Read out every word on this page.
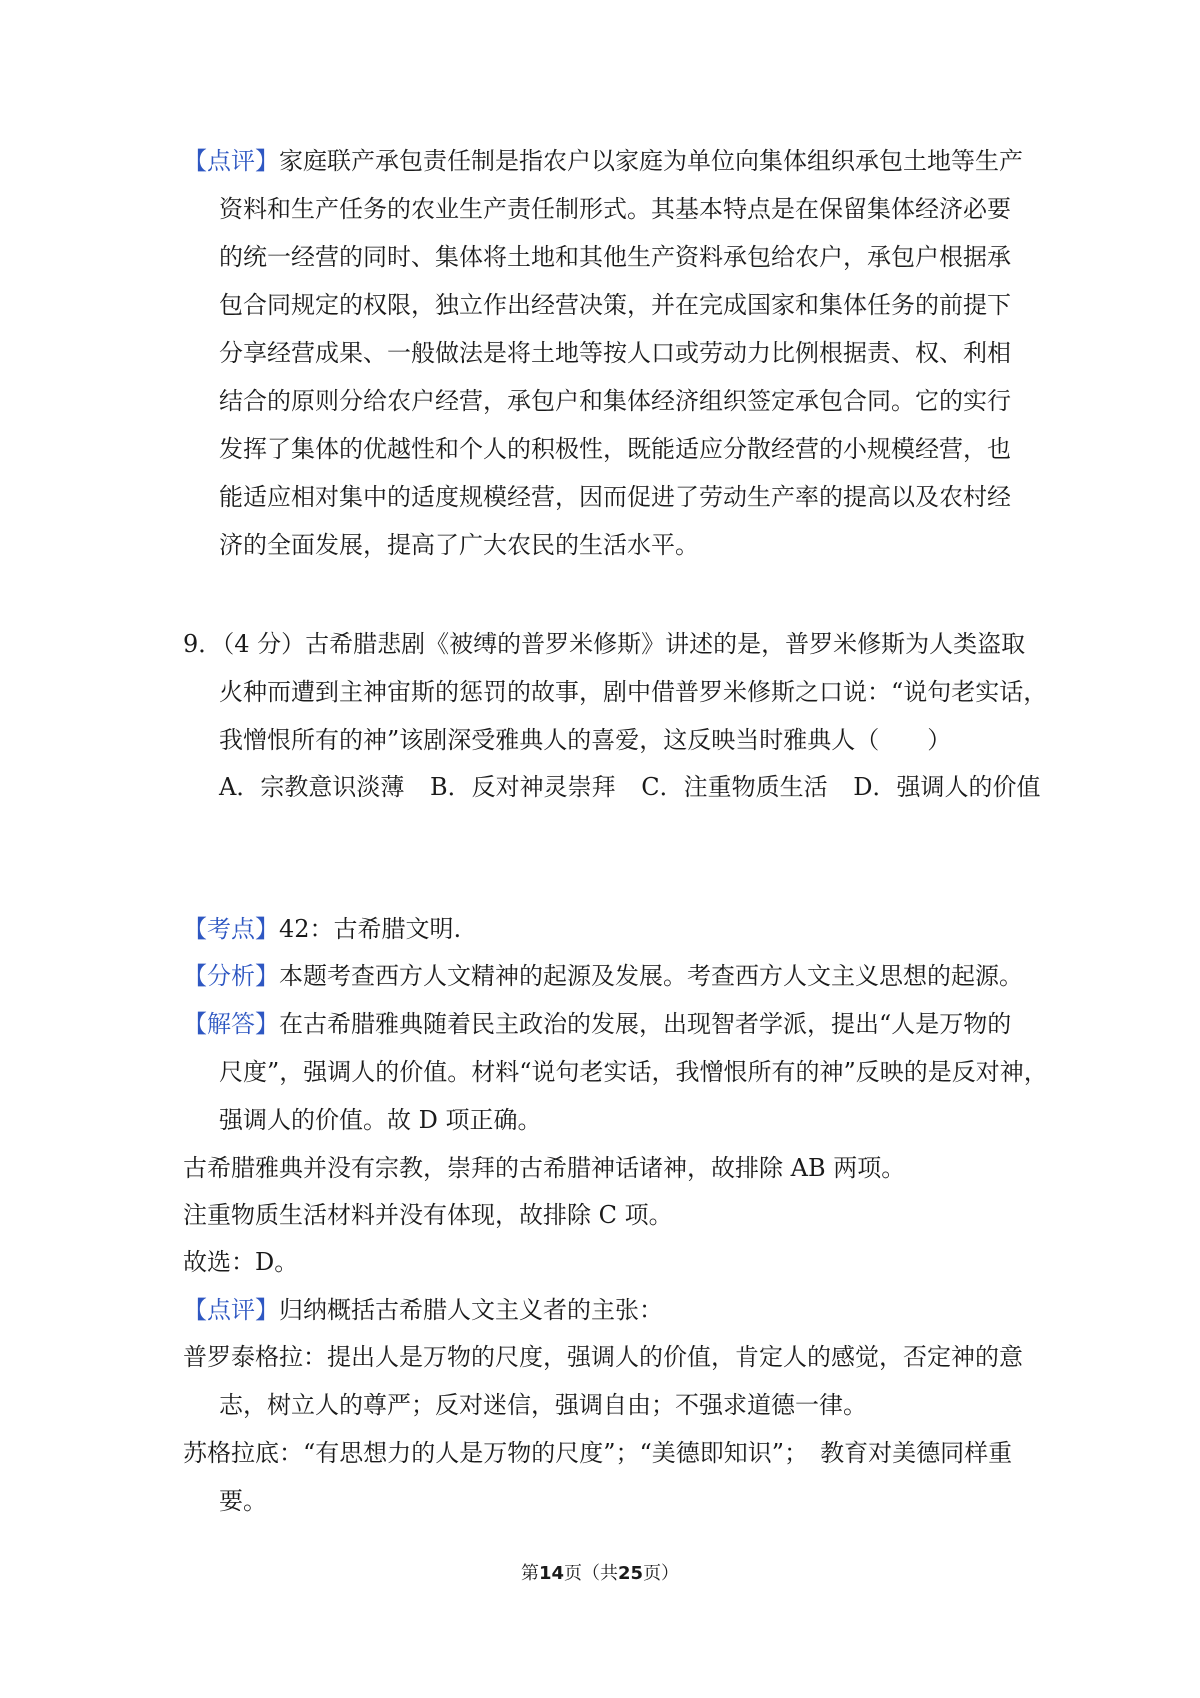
【点评】家庭联产承包责任制是指农户以家庭为单位向集体组织承包土地等生产
资料和生产任务的农业生产责任制形式。其基本特点是在保留集体经济必要
的统一经营的同时、集体将土地和其他生产资料承包给农户，承包户根据承
包合同规定的权限，独立作出经营决策，并在完成国家和集体任务的前提下
分享经营成果、一般做法是将土地等按人口或劳动力比例根据责、权、利相
结合的原则分给农户经营，承包户和集体经济组织签定承包合同。它的实行
发挥了集体的优越性和个人的积极性，既能适应分散经营的小规模经营，也
能适应相对集中的适度规模经营，因而促进了劳动生产率的提高以及农村经
济的全面发展，提高了广大农民的生活水平。
9．（4 分）古希腊悲剧《被缚的普罗米修斯》讲述的是，普罗米修斯为人类盗取
火种而遭到主神宙斯的惩罚的故事，剧中借普罗米修斯之口说：“说句老实话，
我憎恨所有的神”该剧深受雅典人的喜爱，这反映当时雅典人（　　）
A．宗教意识淡薄 B．反对神灵崇拜 C．注重物质生活 D．强调人的价值
【考点】42：古希腊文明.
【分析】本题考查西方人文精神的起源及发展。考查西方人文主义思想的起源。
【解答】在古希腊雅典随着民主政治的发展，出现智者学派，提出“人是万物的
尺度”，强调人的价值。材料“说句老实话，我憎恨所有的神”反映的是反对神，
强调人的价值。故 D 项正确。
古希腊雅典并没有宗教，崇拜的古希腊神话诸神，故排除 AB 两项。
注重物质生活材料并没有体现，故排除 C 项。
故选：D。
【点评】归纳概括古希腊人文主义者的主张：
普罗泰格拉：提出人是万物的尺度，强调人的价值，肯定人的感觉，否定神的意
志，树立人的尊严；反对迷信，强调自由；不强求道德一律。
苏格拉底：“有思想力的人是万物的尺度”；“美德即知识”；　教育对美德同样重
要。
第14页（共25页）
